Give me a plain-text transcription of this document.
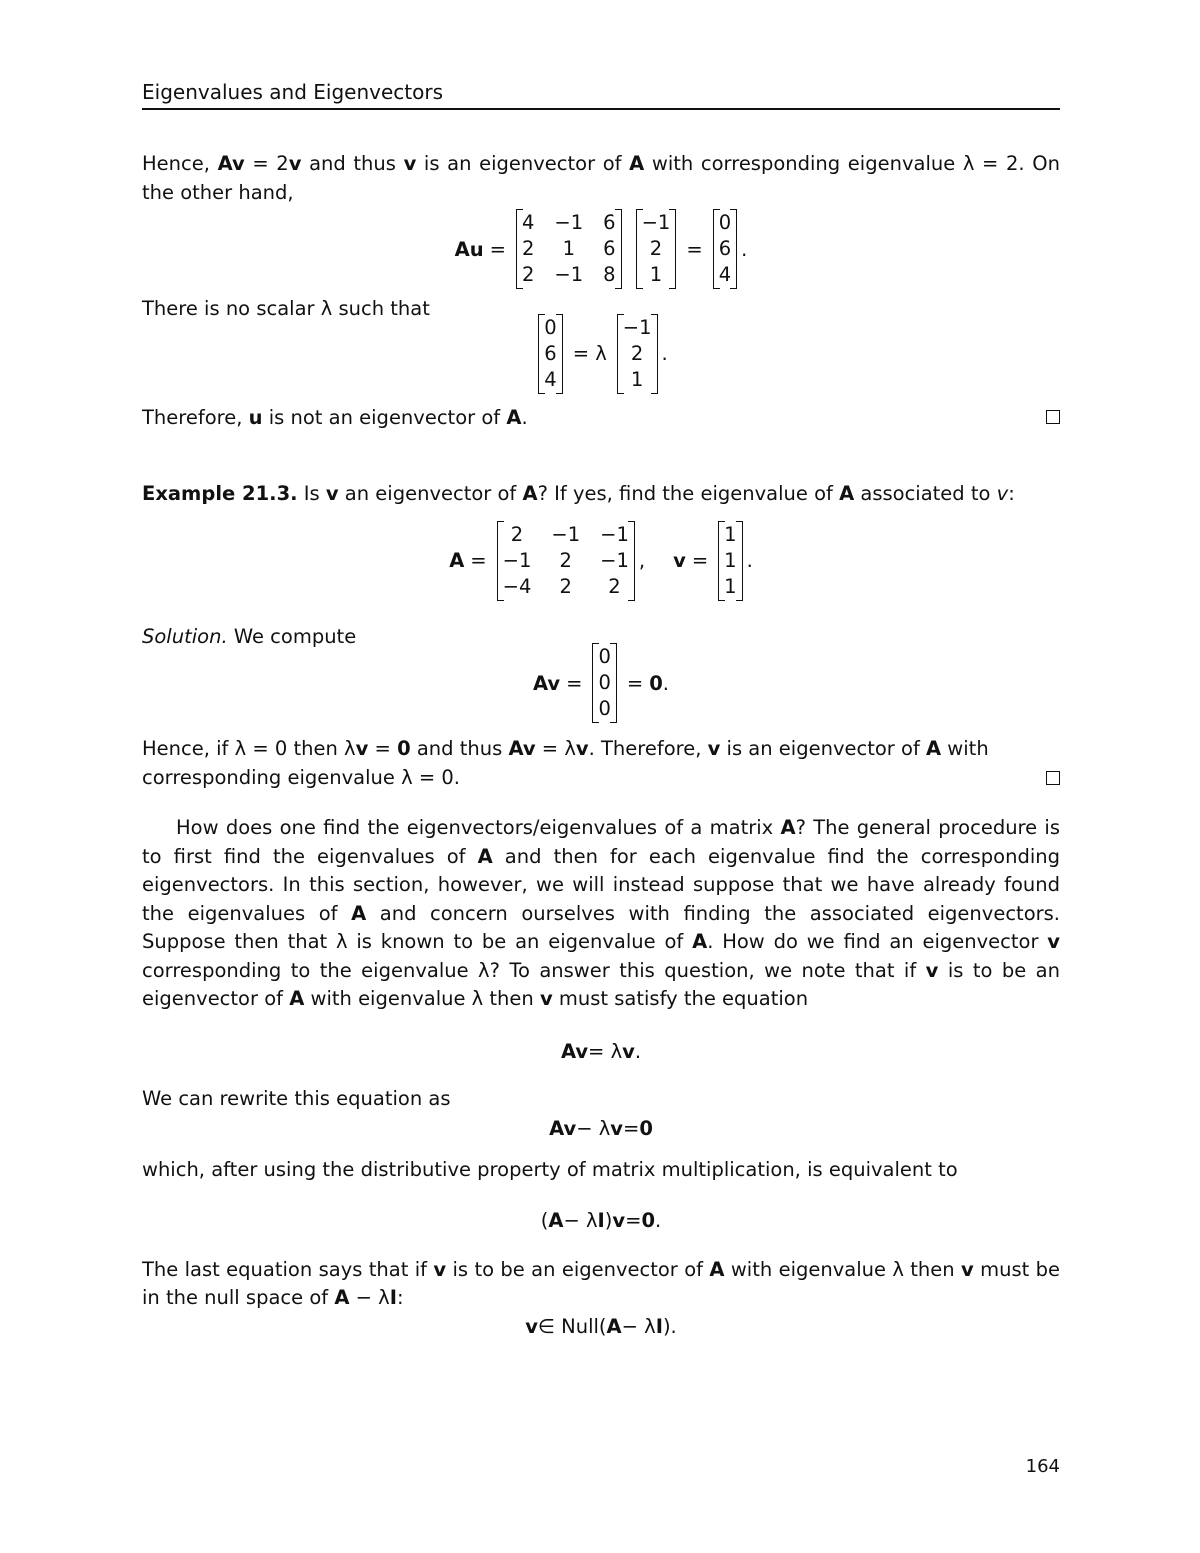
Eigenvalues and Eigenvectors

Hence, Av = 2v and thus v is an eigenvector of A with corresponding eigenvalue λ = 2. On the other hand,

Au =
4 −1 6
2	1	6
2 −1 8
−1
2
1
=
0
6
4
.

There is no scalar λ such that

0
6
4
= λ
−1
2
1
.

Therefore, u is not an eigenvector of A.

Example 21.3. Is v an eigenvector of A? If yes, find the eigenvalue of A associated to v:

A =
2	−1 −1
−1	2	−1
−4	2	2
, v =
1
1
1
.

Solution. We compute

Av =
0
0
0
= 0 .

Hence, if λ = 0 then λv = 0 and thus Av = λv. Therefore, v is an eigenvector of A with
corresponding eigenvalue λ = 0.

How does one find the eigenvectors/eigenvalues of a matrix A? The general procedure is to first find the eigenvalues of A and then for each eigenvalue find the corresponding eigenvectors. In this section, however, we will instead suppose that we have already found the eigenvalues of A and concern ourselves with finding the associated eigenvectors. Suppose then that λ is known to be an eigenvalue of A. How do we find an eigenvector v corresponding to the eigenvalue λ? To answer this question, we note that if v is to be an eigenvector of A with eigenvalue λ then v must satisfy the equation

Av = λ v .

We can rewrite this equation as

Av − λ v = 0

which, after using the distributive property of matrix multiplication, is equivalent to

( A − λ I ) v = 0 .

The last equation says that if v is to be an eigenvector of A with eigenvalue λ then v must be in the null space of A − λI:

v ∈ Null( A − λ I ).
164
